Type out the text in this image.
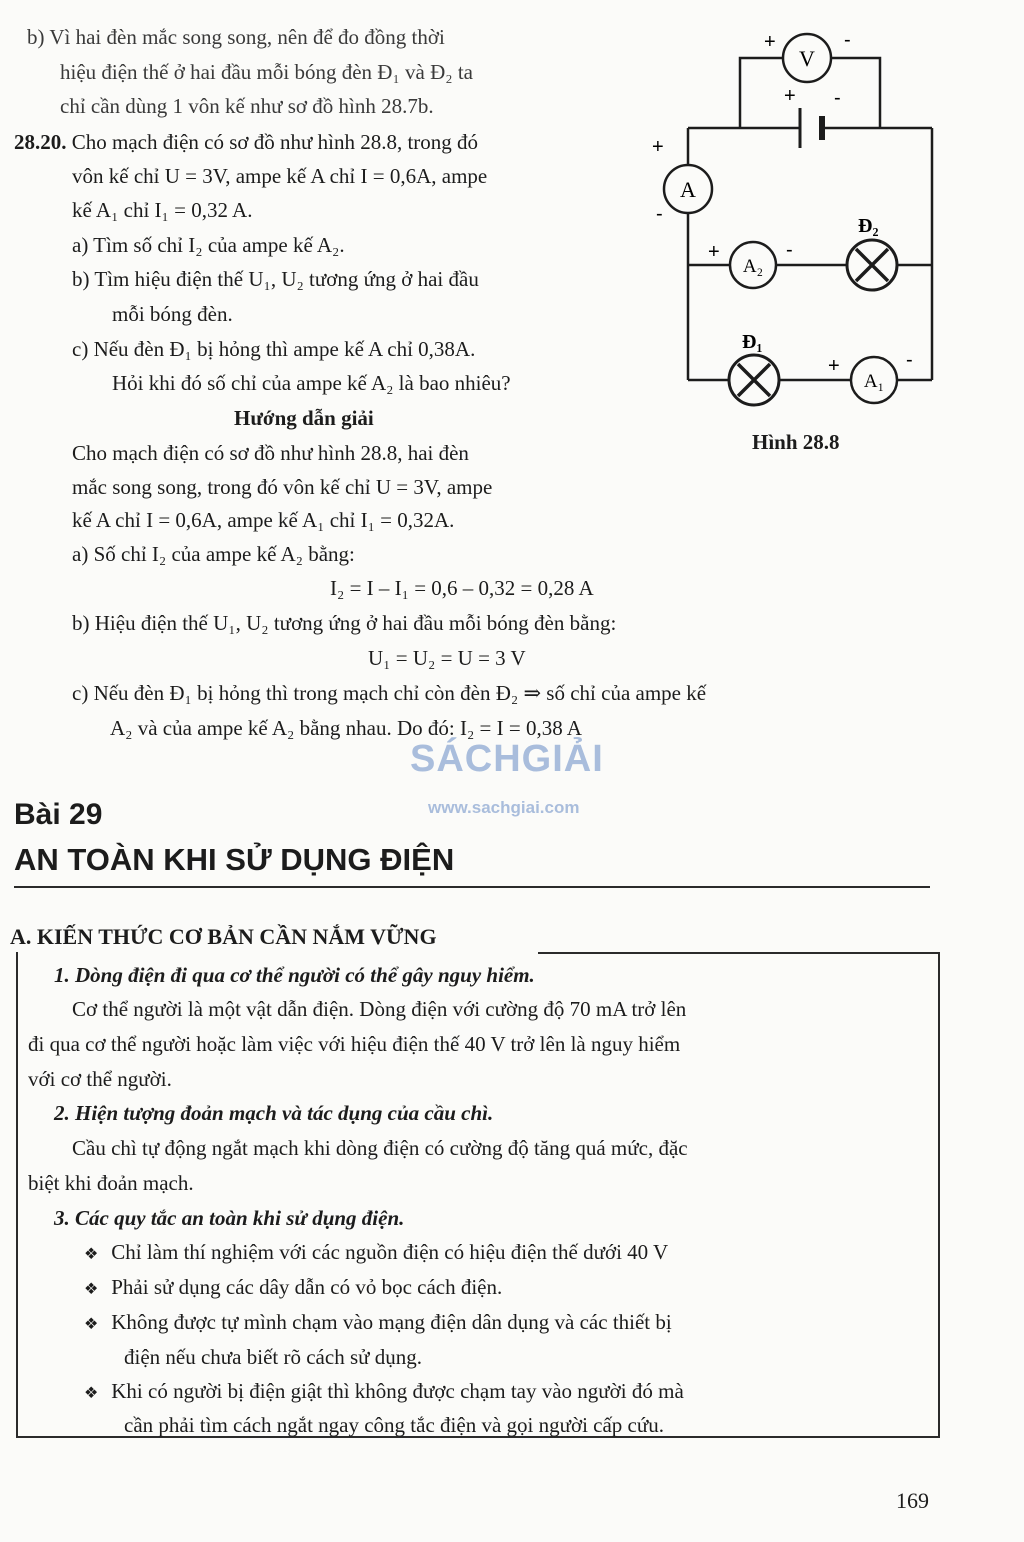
b) Vì hai đèn mắc song song, nên để đo đồng thời
hiệu điện thế ở hai đầu mỗi bóng đèn Đ₁ và Đ₂ ta
chỉ cần dùng 1 vôn kế như sơ đồ hình 28.7b.
28.20. Cho mạch điện có sơ đồ như hình 28.8, trong đó
vôn kế chỉ U = 3V, ampe kế A chỉ I = 0,6A, ampe
kế A₁ chỉ I₁ = 0,32 A.
a) Tìm số chỉ I₂ của ampe kế A₂.
b) Tìm hiệu điện thế U₁, U₂ tương ứng ở hai đầu
mỗi bóng đèn.
c) Nếu đèn Đ₁ bị hỏng thì ampe kế A chỉ 0,38A.
Hỏi khi đó số chỉ của ampe kế A₂ là bao nhiêu?
Hướng dẫn giải
Cho mạch điện có sơ đồ như hình 28.8, hai đèn
mắc song song, trong đó vôn kế chỉ U = 3V, ampe
kế A chỉ I = 0,6A, ampe kế A₁ chỉ I₁ = 0,32A.
a) Số chỉ I₂ của ampe kế A₂ bằng:
I₂ = I – I₁ = 0,6 – 0,32 = 0,28 A
b) Hiệu điện thế U₁, U₂ tương ứng ở hai đầu mỗi bóng đèn bằng:
U₁ = U₂ = U = 3 V
c) Nếu đèn Đ₁ bị hỏng thì trong mạch chỉ còn đèn Đ₂ ⇒ số chỉ của ampe kế
A₂ và của ampe kế A₂ bằng nhau. Do đó: I₂ = I = 0,38 A
+ -
V
+	-
A
+
-
A₂
+	-
Đ₂
Đ₁
A₁
+	-
Hình 28.8
SÁCHGIẢI
www.sachgiai.com
Bài 29
AN TOÀN KHI SỬ DỤNG ĐIỆN
A. KIẾN THỨC CƠ BẢN CẦN NẮM VỮNG
1. Dòng điện đi qua cơ thể người có thể gây nguy hiểm.
Cơ thể người là một vật dẫn điện. Dòng điện với cường độ 70 mA trở lên
đi qua cơ thể người hoặc làm việc với hiệu điện thế 40 V trở lên là nguy hiểm
với cơ thể người.
2. Hiện tượng đoản mạch và tác dụng của cầu chì.
Cầu chì tự động ngắt mạch khi dòng điện có cường độ tăng quá mức, đặc
biệt khi đoản mạch.
3. Các quy tắc an toàn khi sử dụng điện.
❖ Chỉ làm thí nghiệm với các nguồn điện có hiệu điện thế dưới 40 V
❖ Phải sử dụng các dây dẫn có vỏ bọc cách điện.
❖ Không được tự mình chạm vào mạng điện dân dụng và các thiết bị
điện nếu chưa biết rõ cách sử dụng.
❖ Khi có người bị điện giật thì không được chạm tay vào người đó mà
cần phải tìm cách ngắt ngay công tắc điện và gọi người cấp cứu.
169
